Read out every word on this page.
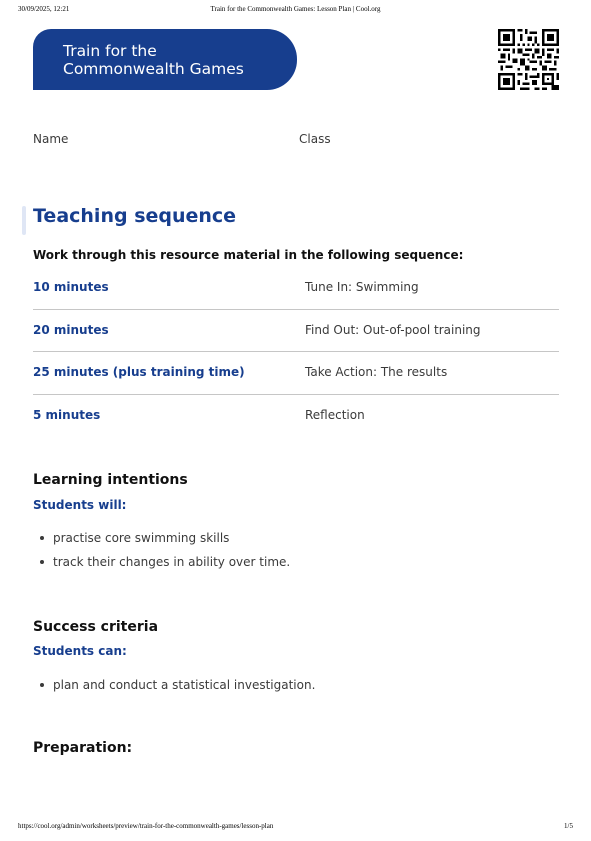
30/09/2025, 12:21	Train for the Commonwealth Games: Lesson Plan | Cool.org
Train for the
Commonwealth Games
Name	Class
Teaching sequence

Work through this resource material in the following sequence:

10 minutes	Tune In: Swimming
20 minutes	Find Out: Out-of-pool training
25 minutes (plus training time)	Take Action: The results
5 minutes	Reflection
Learning intentions

Students will:

practise core swimming skills
track their changes in ability over time.
Success criteria

Students can:

plan and conduct a statistical investigation.
Preparation:
https://cool.org/admin/worksheets/preview/train-for-the-commonwealth-games/lesson-plan	1/5
